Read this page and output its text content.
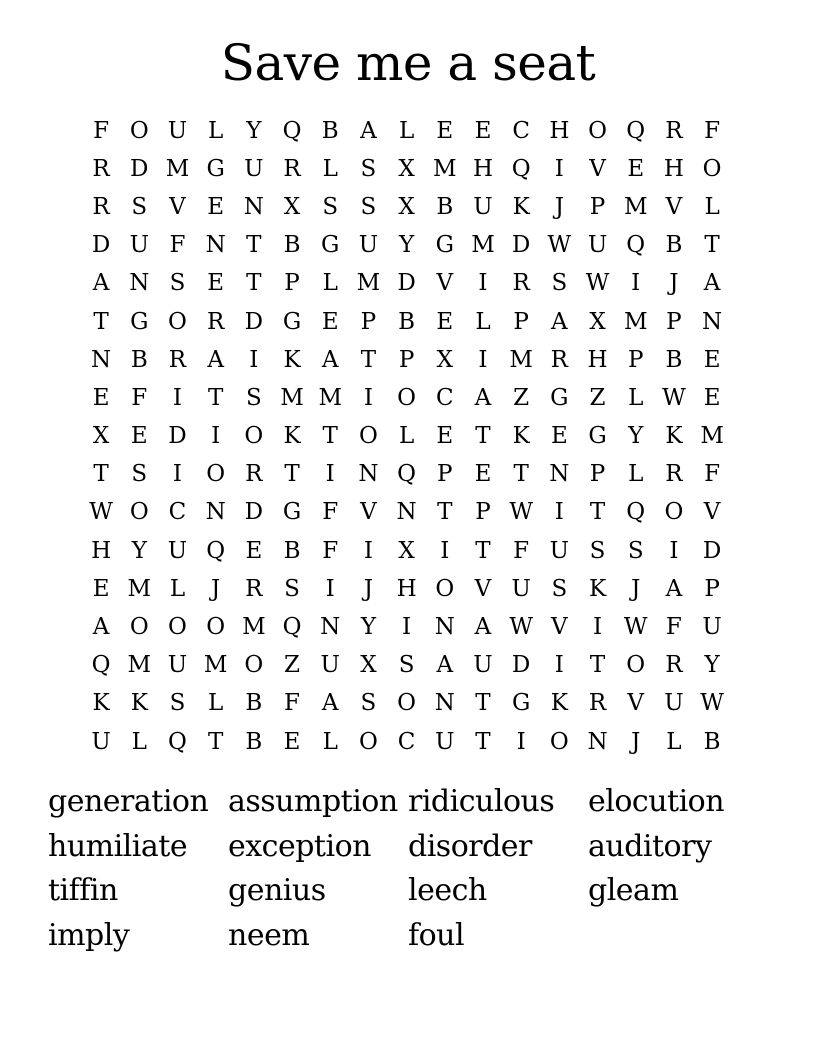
Save me a seat
F O U L Y Q B A L E E C H O Q R F
R D M G U R L S X M H Q	I	V E H O
R S V E N X S S X B U K	J	P M V L
D U F N T B G U Y G M D W U Q B T
A N S E T P L M D V	I	R S W I	J	A
T G O R D G E P B E L P A X M P N
N B R A	I	K A T P X	I M R H P B E
E F	I	T S M M I	O C A Z G Z L W E
X E D	I	O K T O L E T K E G Y K M
T S	I	O R T	I	N Q P E T N P L R F
W O C N D G F V N T P W I	T Q O V
H Y U Q E B F	I	X	I	T F U S S	I	D
E M L	J	R S	I	J	H O V U S K	J	A P
A O O O M Q N Y	I	N A W V	I W F U
Q M U M O Z U X S A U D	I	T O R Y
K K S L B F A S O N T G K R V U W
U L Q T B E L O C U T	I	O N	J	L B
generation assumption ridiculous	elocution
humiliate	exception	disorder	auditory
tiffin	genius	leech	gleam
imply	neem	foul
